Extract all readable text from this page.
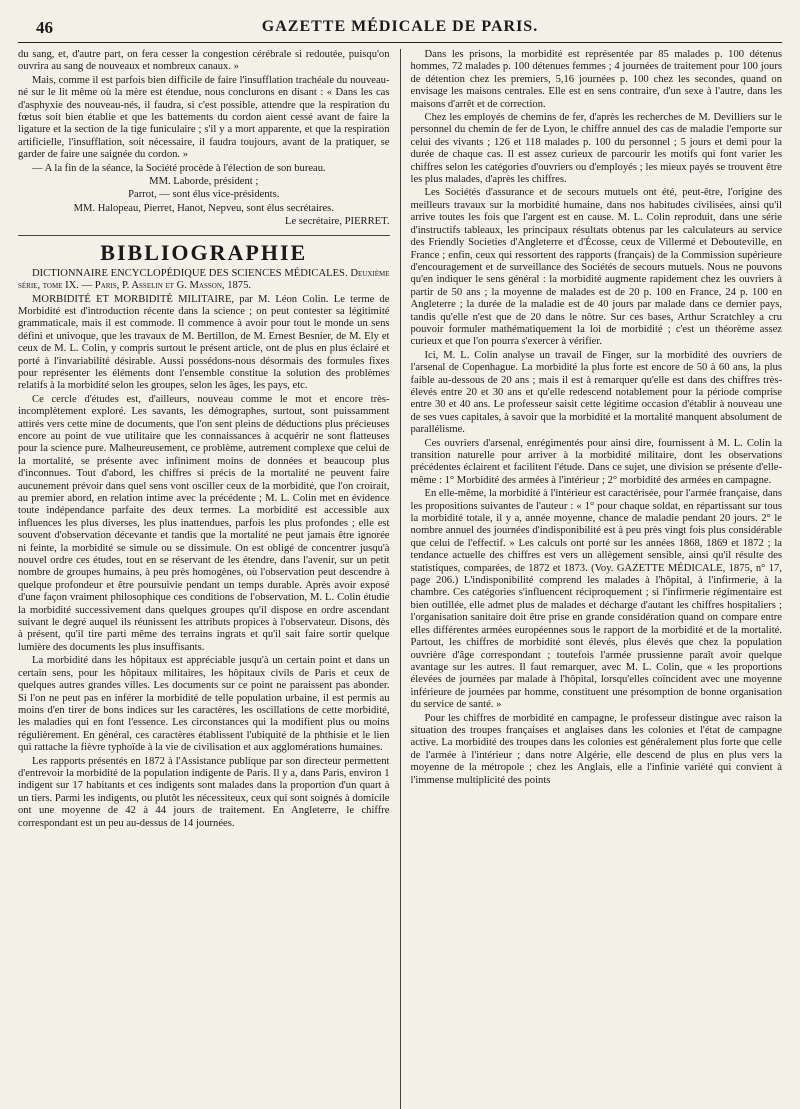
46	GAZETTE MÉDICALE DE PARIS.

du sang, et, d'autre part, on fera cesser la congestion cérébrale si redoutée, puisqu'on ouvrira au sang de nouveaux et nombreux canaux. »

Mais, comme il est parfois bien difficile de faire l'insufflation trachéale du nouveau-né sur le lit même où la mère est étendue, nous conclurons en disant : « Dans les cas d'asphyxie des nouveau-nés, il faudra, si c'est possible, attendre que la respiration du fœtus soit bien établie et que les battements du cordon aient cessé avant de faire la ligature et la section de la tige funiculaire ; s'il y a mort apparente, et que la respiration artificielle, l'insufflation, soit nécessaire, il faudra toujours, avant de la pratiquer, se garder de faire une saignée du cordon. »

— A la fin de la séance, la Société procède à l'élection de son bureau.

MM. Laborde, président ;

Parrot, — sont élus vice-présidents.

MM. Halopeau, Pierret, Hanot, Nepveu, sont élus secrétaires.

Le secrétaire, PIERRET.

BIBLIOGRAPHIE

DICTIONNAIRE ENCYCLOPÉDIQUE DES SCIENCES MÉDICALES. Deuxième série, tome IX. — Paris, P. Asselin et G. Masson, 1875.

MORBIDITÉ ET MORBIDITÉ MILITAIRE, par M. Léon Colin. Le terme de Morbidité est d'introduction récente dans la science ; on peut contester sa légitimité grammaticale, mais il est commode. Il commence à avoir pour tout le monde un sens défini et univoque, que les travaux de M. Bertillon, de M. Ernest Besnier, de M. Ely et ceux de M. L. Colin, y compris surtout le présent article, ont de plus en plus éclairé et porté à l'invariabilité désirable. Aussi possédons-nous désormais des formules fixes pour représenter les éléments dont l'ensemble constitue la solution des problèmes relatifs à la morbidité selon les groupes, selon les âges, les pays, etc.

Ce cercle d'études est, d'ailleurs, nouveau comme le mot et encore très-incomplètement exploré. Les savants, les démographes, surtout, sont puissamment attirés vers cette mine de documents, que l'on sent pleins de déductions plus précieuses encore au point de vue utilitaire que les connaissances à acquérir ne sont flatteuses pour la science pure. Malheureusement, ce problème, autrement complexe que celui de la mortalité, se présente avec infiniment moins de données et beaucoup plus d'inconnues. Tout d'abord, les chiffres si précis de la mortalité ne peuvent faire aucunement prévoir dans quel sens vont osciller ceux de la morbidité, que l'on croirait, au premier abord, en relation intime avec la précédente ; M. L. Colin met en évidence toute indépendance parfaite des deux termes. La morbidité est accessible aux influences les plus diverses, les plus inattendues, parfois les plus profondes ; elle est souvent d'observation décevante et tandis que la mortalité ne peut jamais être ignorée ni feinte, la morbidité se simule ou se dissimule. On est obligé de concentrer jusqu'à nouvel ordre ces études, tout en se réservant de les étendre, dans l'avenir, sur un petit nombre de groupes humains, à peu près homogènes, où l'observation peut descendre à quelque profondeur et être poursuivie pendant un temps durable. Après avoir exposé d'une façon vraiment philosophique ces conditions de l'observation, M. L. Colin étudie la morbidité successivement dans quelques groupes qu'il dispose en ordre ascendant suivant le degré auquel ils réunissent les attributs propices à l'observateur. Disons, dès à présent, qu'il tire parti même des terrains ingrats et qu'il sait faire sortir quelque lumière des documents les plus insuffisants.

La morbidité dans les hôpitaux est appréciable jusqu'à un certain point et dans un certain sens, pour les hôpitaux militaires, les hôpitaux civils de Paris et ceux de quelques autres grandes villes. Les documents sur ce point ne paraissent pas abonder. Si l'on ne peut pas en inférer la morbidité de telle population urbaine, il est permis au moins d'en tirer de bons indices sur les caractères, les oscillations de cette morbidité, les maladies qui en font l'essence. Les circonstances qui la modifient plus ou moins régulièrement. En général, ces caractères établissent l'ubiquité de la phthisie et le lien qui rattache la fièvre typhoïde à la vie de civilisation et aux agglomérations humaines.

Les rapports présentés en 1872 à l'Assistance publique par son directeur permettent d'entrevoir la morbidité de la population indigente de Paris. Il y a, dans Paris, environ 1 indigent sur 17 habitants et ces indigents sont malades dans la proportion d'un quart à un tiers. Parmi les indigents, ou plutôt les nécessiteux, ceux qui sont soignés à domicile ont une moyenne de 42 à 44 jours de traitement. En Angleterre, le chiffre correspondant est un peu au-dessus de 14 journées.

Dans les prisons, la morbidité est représentée par 85 malades p. 100 détenus hommes, 72 malades p. 100 détenues femmes ; 4 journées de traitement pour 100 jours de détention chez les premiers, 5,16 journées p. 100 chez les secondes, quand on envisage les maisons centrales. Elle est en sens contraire, d'un sexe à l'autre, dans les maisons d'arrêt et de correction.

Chez les employés de chemins de fer, d'après les recherches de M. Devilliers sur le personnel du chemin de fer de Lyon, le chiffre annuel des cas de maladie l'emporte sur celui des vivants ; 126 et 118 malades p. 100 du personnel ; 5 jours et demi pour la durée de chaque cas. Il est assez curieux de parcourir les motifs qui font varier les chiffres selon les catégories d'ouvriers ou d'employés ; les mieux payés se trouvent être les plus malades, d'après les chiffres.

Les Sociétés d'assurance et de secours mutuels ont été, peut-être, l'origine des meilleurs travaux sur la morbidité humaine, dans nos habitudes civilisées, ainsi qu'il arrive toutes les fois que l'argent est en cause. M. L. Colin reproduit, dans une série d'instructifs tableaux, les principaux résultats obtenus par les calculateurs au service des Friendly Societies d'Angleterre et d'Écosse, ceux de Villermé et Debouteville, en France ; enfin, ceux qui ressortent des rapports (français) de la Commission supérieure d'encouragement et de surveillance des Sociétés de secours mutuels. Nous ne pouvons qu'en indiquer le sens général : la morbidité augmente rapidement chez les ouvriers à partir de 50 ans ; la moyenne de malades est de 20 p. 100 en France, 24 p. 100 en Angleterre ; la durée de la maladie est de 40 jours par malade dans ce dernier pays, tandis qu'elle n'est que de 20 dans le nôtre. Sur ces bases, Arthur Scratchley a cru pouvoir formuler mathématiquement la loi de morbidité ; c'est un théorème assez curieux et que l'on pourra s'exercer à vérifier.

Ici, M. L. Colin analyse un travail de Finger, sur la morbidité des ouvriers de l'arsenal de Copenhague. La morbidité la plus forte est encore de 50 à 60 ans, la plus faible au-dessous de 20 ans ; mais il est à remarquer qu'elle est dans des chiffres très-élevés entre 20 et 30 ans et qu'elle redescend notablement pour la période comprise entre 30 et 40 ans. Le professeur saisit cette légitime occasion d'établir à nouveau une de ses vues capitales, à savoir que la morbidité et la mortalité manquent absolument de parallélisme.

Ces ouvriers d'arsenal, enrégimentés pour ainsi dire, fournissent à M. L. Colin la transition naturelle pour arriver à la morbidité militaire, dont les observations précédentes éclairent et facilitent l'étude. Dans ce sujet, une division se présente d'elle-même : 1° Morbidité des armées à l'intérieur ; 2° morbidité des armées en campagne.

En elle-même, la morbidité à l'intérieur est caractérisée, pour l'armée française, dans les propositions suivantes de l'auteur : « 1° pour chaque soldat, en répartissant sur tous la morbidité totale, il y a, année moyenne, chance de maladie pendant 20 jours. 2° le nombre annuel des journées d'indisponibilité est à peu près vingt fois plus considérable que celui de l'effectif. » Les calculs ont porté sur les années 1868, 1869 et 1872 ; la tendance actuelle des chiffres est vers un allègement sensible, ainsi qu'il résulte des statistiques, comparées, de 1872 et 1873. (Voy. GAZETTE MÉDICALE, 1875, n° 17, page 206.) L'indisponibilité comprend les malades à l'hôpital, à l'infirmerie, à la chambre. Ces catégories s'influencent réciproquement ; si l'infirmerie régimentaire est bien outillée, elle admet plus de malades et décharge d'autant les chiffres hospitaliers ; l'organisation sanitaire doit être prise en grande considération quand on compare entre elles différentes armées européennes sous le rapport de la morbidité et de la mortalité. Partout, les chiffres de morbidité sont élevés, plus élevés que chez la population ouvrière d'âge correspondant ; toutefois l'armée prussienne paraît avoir quelque avantage sur les autres. Il faut remarquer, avec M. L. Colin, que « les proportions élevées de journées par malade à l'hôpital, lorsqu'elles coïncident avec une moyenne inférieure de journées par homme, constituent une présomption de bonne organisation du service de santé. »

Pour les chiffres de morbidité en campagne, le professeur distingue avec raison la situation des troupes françaises et anglaises dans les colonies et l'état de campagne active. La morbidité des troupes dans les colonies est généralement plus forte que celle de l'armée à l'intérieur ; dans notre Algérie, elle descend de plus en plus vers la moyenne de la métropole ; chez les Anglais, elle a l'infinie variété qui convient à l'immense multiplicité des points
